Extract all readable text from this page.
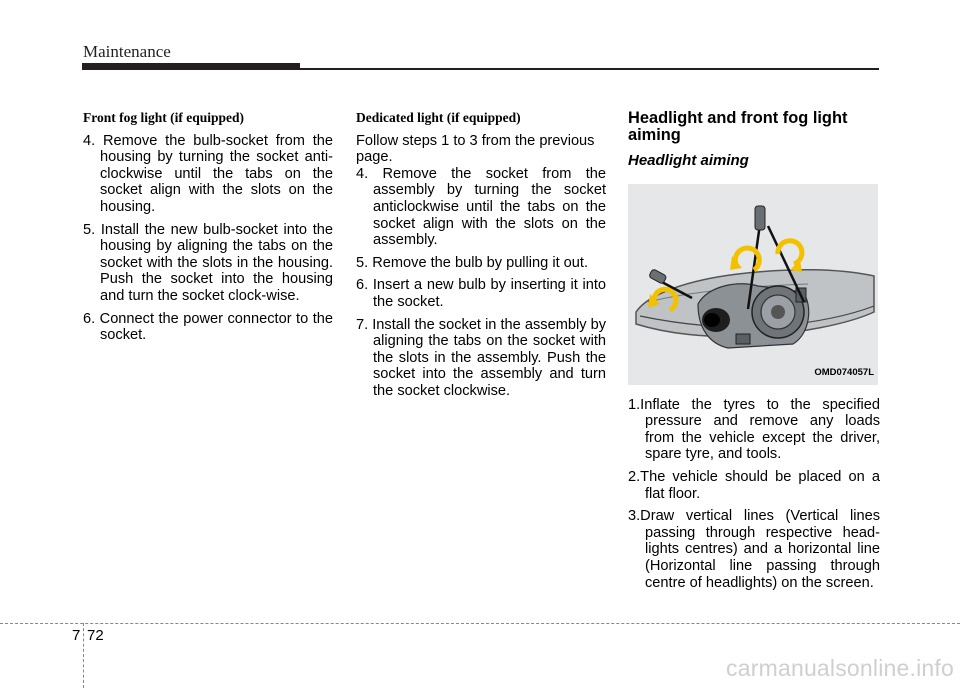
Maintenance
Front fog light (if equipped)
4. Remove the bulb-socket from the housing by turning the socket anti-clockwise until the tabs on the socket align with the slots on the housing.
5. Install the new bulb-socket into the housing by aligning the tabs on the socket with the slots in the housing. Push the socket into the housing and turn the socket clock-wise.
6. Connect the power connector to the socket.
Dedicated light (if equipped)
Follow steps 1 to 3 from the previous page.
4. Remove the socket from the assembly by turning the socket anticlockwise until the tabs on the socket align with the slots on the assembly.
5. Remove the bulb by pulling it out.
6. Insert a new bulb by inserting it into the socket.
7. Install the socket in the assembly by aligning the tabs on the socket with the slots in the assembly. Push the socket into the assembly and turn the socket clockwise.
Headlight and front fog light aiming
Headlight aiming
OMD074057L
1.Inflate the tyres to the specified pressure and remove any loads from the vehicle except the driver, spare tyre, and tools.
2.The vehicle should be placed on a flat floor.
3.Draw vertical lines (Vertical lines passing through respective head-lights centres) and a horizontal line (Horizontal line passing through centre of headlights) on the screen.
7 72
carmanualsonline.info
